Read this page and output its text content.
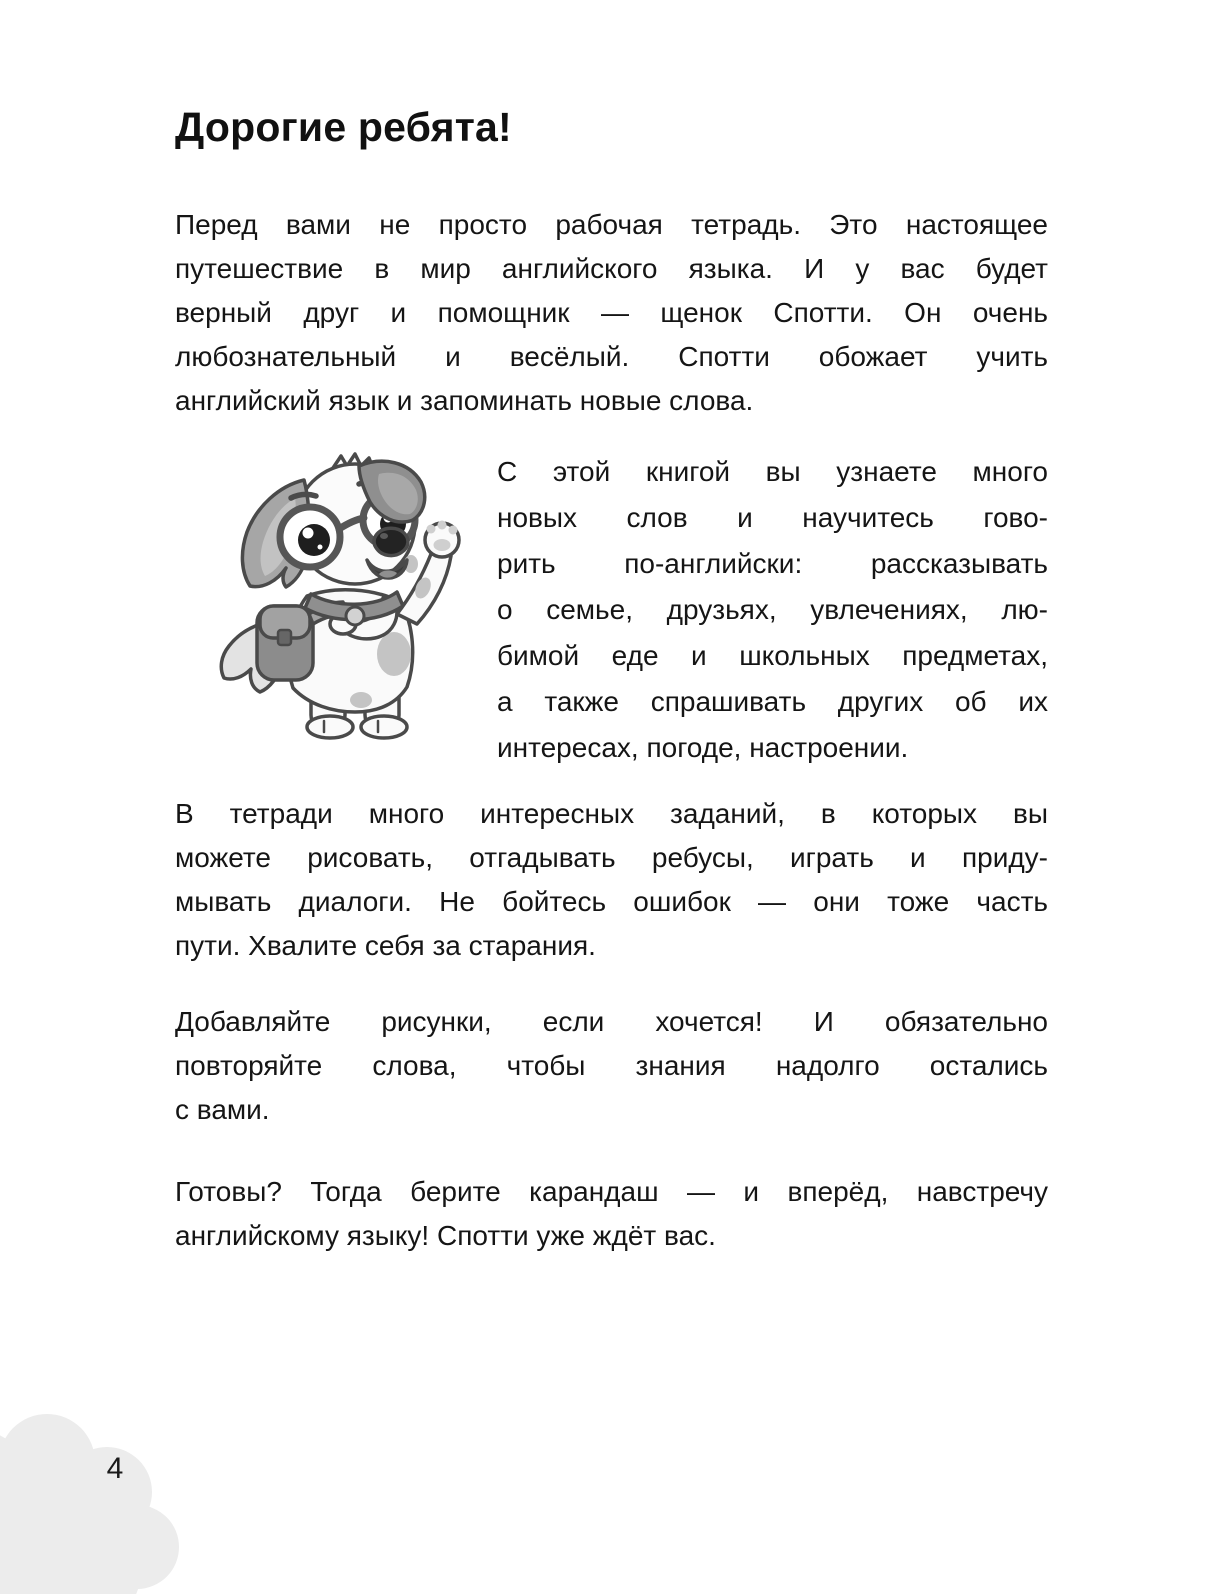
Дорогие ребята!
Перед вами не просто рабочая тетрадь. Это настоящее
путешествие в мир английского языка. И у вас будет
верный друг и помощник — щенок Спотти. Он очень
любознательный и весёлый. Спотти обожает учить
английский язык и запоминать новые слова.
С этой книгой вы узнаете много
новых слов и научитесь гово-
рить по-английски: рассказывать
о семье, друзьях, увлечениях, лю-
бимой еде и школьных предметах,
а также спрашивать других об их
интересах, погоде, настроении.
В тетради много интересных заданий, в которых вы
можете рисовать, отгадывать ребусы, играть и приду-
мывать диалоги. Не бойтесь ошибок — они тоже часть
пути. Хвалите себя за старания.
Добавляйте рисунки, если хочется! И обязательно
повторяйте слова, чтобы знания надолго остались
с вами.
Готовы? Тогда берите карандаш — и вперёд, навстречу
английскому языку! Спотти уже ждёт вас.
4
